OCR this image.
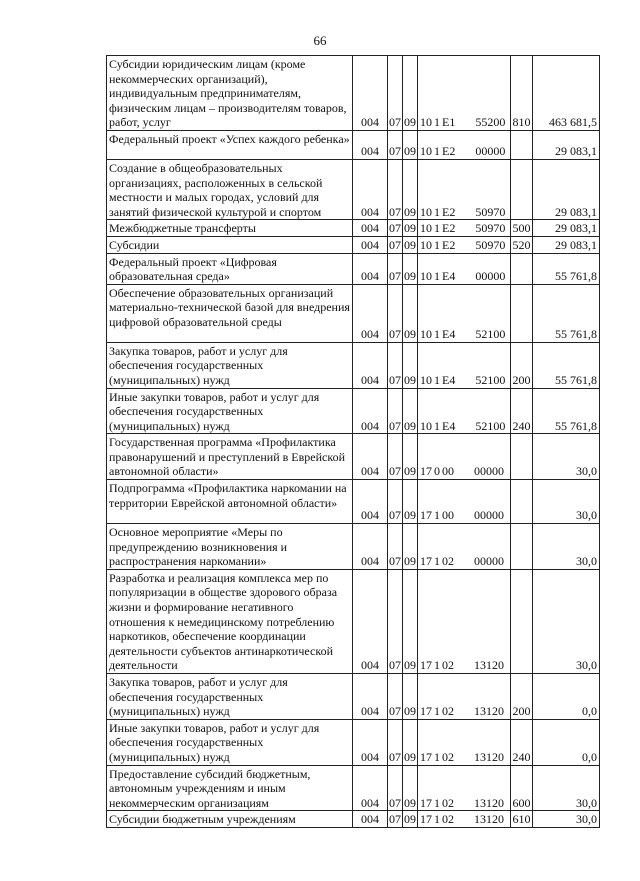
66
Субсидии юридическим лицам (кроме некоммерческих организаций), индивидуальным предпринимателям, физическим лицам – производителям товаров, работ, услуг	004	07	09	10 1 E1 55200	810	463 681,5
Федеральный проект «Успех каждого ребенка»	004	07	09	10 1 E2 00000		29 083,1
Создание в общеобразовательных организациях, расположенных в сельской местности и малых городах, условий для занятий физической культурой и спортом	004	07	09	10 1 E2 50970		29 083,1
Межбюджетные трансферты	004	07	09	10 1 E2 50970	500	29 083,1
Субсидии	004	07	09	10 1 E2 50970	520	29 083,1
Федеральный проект «Цифровая образовательная среда»	004	07	09	10 1 E4 00000		55 761,8
Обеспечение образовательных организаций материально-технической базой для внедрения цифровой образовательной среды	004	07	09	10 1 E4 52100		55 761,8
Закупка товаров, работ и услуг для обеспечения государственных (муниципальных) нужд	004	07	09	10 1 E4 52100	200	55 761,8
Иные закупки товаров, работ и услуг для обеспечения государственных (муниципальных) нужд	004	07	09	10 1 E4 52100	240	55 761,8
Государственная программа «Профилактика правонарушений и преступлений в Еврейской автономной области»	004	07	09	17 0 00 00000		30,0
Подпрограмма «Профилактика наркомании на территории Еврейской автономной области»	004	07	09	17 1 00 00000		30,0
Основное мероприятие «Меры по предупреждению возникновения и распространения наркомании»	004	07	09	17 1 02 00000		30,0
Разработка и реализация комплекса мер по популяризации в обществе здорового образа жизни и формирование негативного отношения к немедицинскому потреблению наркотиков, обеспечение координации деятельности субъектов антинаркотической деятельности	004	07	09	17 1 02 13120		30,0
Закупка товаров, работ и услуг для обеспечения государственных (муниципальных) нужд	004	07	09	17 1 02 13120	200	0,0
Иные закупки товаров, работ и услуг для обеспечения государственных (муниципальных) нужд	004	07	09	17 1 02 13120	240	0,0
Предоставление субсидий бюджетным, автономным учреждениям и иным некоммерческим организациям	004	07	09	17 1 02 13120	600	30,0
Субсидии бюджетным учреждениям	004	07	09	17 1 02 13120	610	30,0
